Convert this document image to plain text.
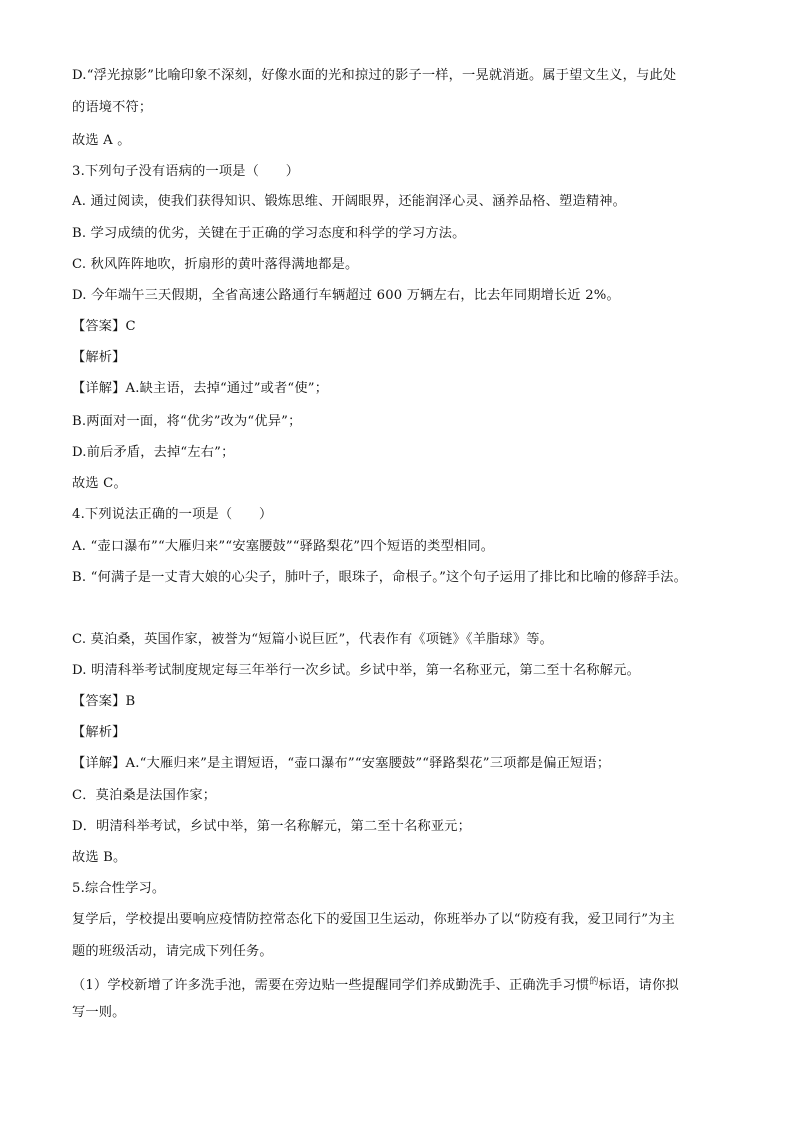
D.“浮光掠影”比喻印象不深刻，好像水面的光和掠过的影子一样，一晃就消逝。属于望文生义，与此处
的语境不符；
故选 A 。
3.下列句子没有语病的一项是（　　）
A. 通过阅读，使我们获得知识、锻炼思维、开阔眼界，还能润泽心灵、涵养品格、塑造精神。
B. 学习成绩的优劣，关键在于正确的学习态度和科学的学习方法。
C. 秋风阵阵地吹，折扇形的黄叶落得满地都是。
D. 今年端午三天假期，全省高速公路通行车辆超过 600 万辆左右，比去年同期增长近 2%。
【答案】C
【解析】
【详解】A.缺主语，去掉“通过”或者“使”；
B.两面对一面，将“优劣”改为“优异”；
D.前后矛盾，去掉“左右”；
故选 C。
4.下列说法正确的一项是（　　）
A. “壶口瀑布”“大雁归来”“安塞腰鼓”“驿路梨花”四个短语的类型相同。
B. “何满子是一丈青大娘的心尖子，肺叶子，眼珠子，命根子。”这个句子运用了排比和比喻的修辞手法。
C. 莫泊桑，英国作家，被誉为“短篇小说巨匠”，代表作有《项链》《羊脂球》等。
D. 明清科举考试制度规定每三年举行一次乡试。乡试中举，第一名称亚元，第二至十名称解元。
【答案】B
【解析】
【详解】A.“大雁归来”是主谓短语，“壶口瀑布”“安塞腰鼓”“驿路梨花”三项都是偏正短语；
C．莫泊桑是法国作家；
D．明清科举考试，乡试中举，第一名称解元，第二至十名称亚元；
故选 B。
5.综合性学习。
复学后，学校提出要响应疫情防控常态化下的爱国卫生运动，你班举办了以“防疫有我，爱卫同行”为主
题的班级活动，请完成下列任务。
（1）学校新增了许多洗手池，需要在旁边贴一些提醒同学们养成勤洗手、正确洗手习惯$^的$标语，请你拟
写一则。
